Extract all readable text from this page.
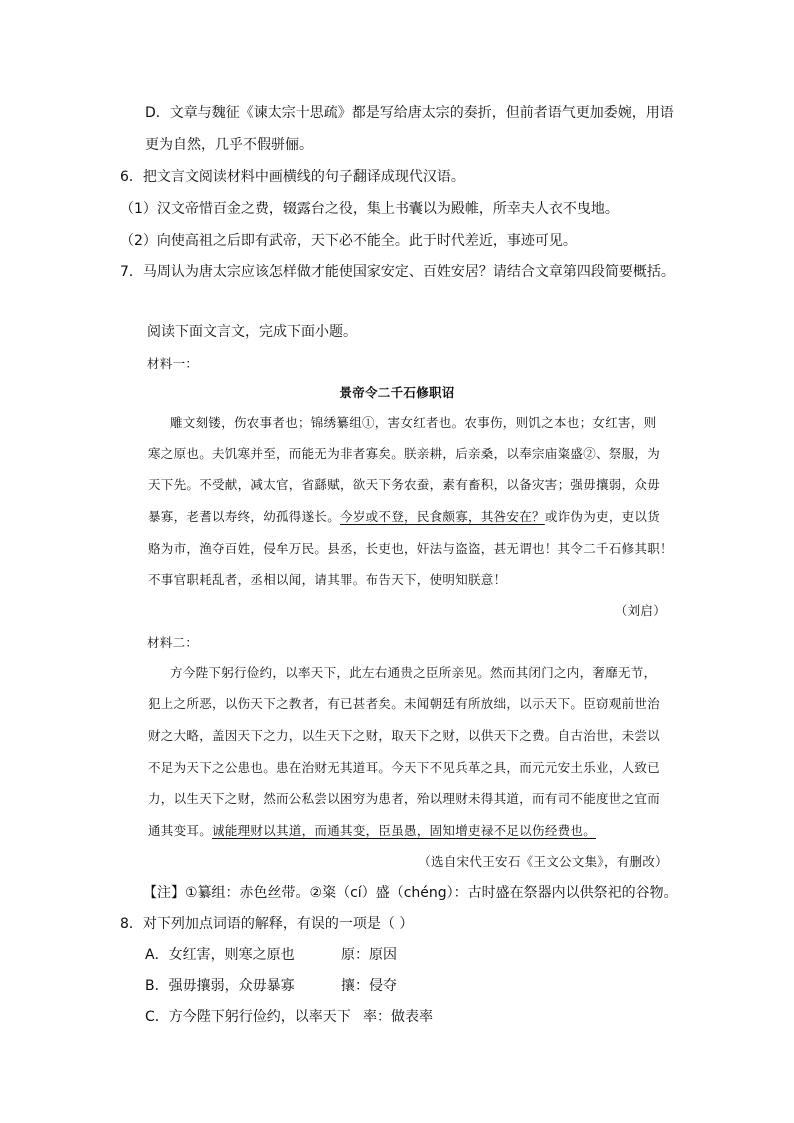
D．文章与魏征《谏太宗十思疏》都是写给唐太宗的奏折，但前者语气更加委婉，用语
更为自然，几乎不假骈俪。
6．把文言文阅读材料中画横线的句子翻译成现代汉语。
（1）汉文帝惜百金之费，辍露台之役，集上书囊以为殿帷，所幸夫人衣不曳地。
（2）向使高祖之后即有武帝，天下必不能全。此于时代差近，事迹可见。
7．马周认为唐太宗应该怎样做才能使国家安定、百姓安居？请结合文章第四段简要概括。
阅读下面文言文，完成下面小题。
材料一：
景帝令二千石修职诏
雕文刻镂，伤农事者也；锦绣纂组①，害女红者也。农事伤，则饥之本也；女红害，则
寒之原也。夫饥寒并至，而能无为非者寡矣。朕亲耕，后亲桑，以奉宗庙粢盛②、祭服，为
天下先。不受献，减太官，省繇赋，欲天下务农蚕，素有畜积，以备灾害；强毋攘弱，众毋
暴寡，老耆以寿终，幼孤得遂长。今岁或不登，民食颇寡，其咎安在？或诈伪为吏，吏以货
赂为市，渔夺百姓，侵牟万民。县丞，长吏也，奸法与盗盗，甚无谓也！其令二千石修其职！
不事官职耗乱者，丞相以闻，请其罪。布告天下，使明知朕意！
（刘启）
材料二：
方今陛下躬行俭约，以率天下，此左右通贵之臣所亲见。然而其闭门之内，奢靡无节，
犯上之所恶，以伤天下之教者，有已甚者矣。未闻朝廷有所放绌，以示天下。臣窃观前世治
财之大略，盖因天下之力，以生天下之财，取天下之财，以供天下之费。自古治世，未尝以
不足为天下之公患也。患在治财无其道耳。今天下不见兵革之具，而元元安土乐业，人致已
力，以生天下之财，然而公私尝以困穷为患者，殆以理财未得其道，而有司不能度世之宜而
通其变耳。诚能理财以其道，而通其变，臣虽愚，固知增吏禄不足以伤经费也。
（选自宋代王安石《王文公文集》，有删改）
【注】①纂组：赤色丝带。②粢（cí）盛（chéng）：古时盛在祭器内以供祭祀的谷物。
8．对下列加点词语的解释，有误的一项是（ ）
A．女红害，则寒之原也	原：原因
B．强毋攘弱，众毋暴寡	攘：侵夺
C．方今陛下躬行俭约，以率天下 率：做表率
